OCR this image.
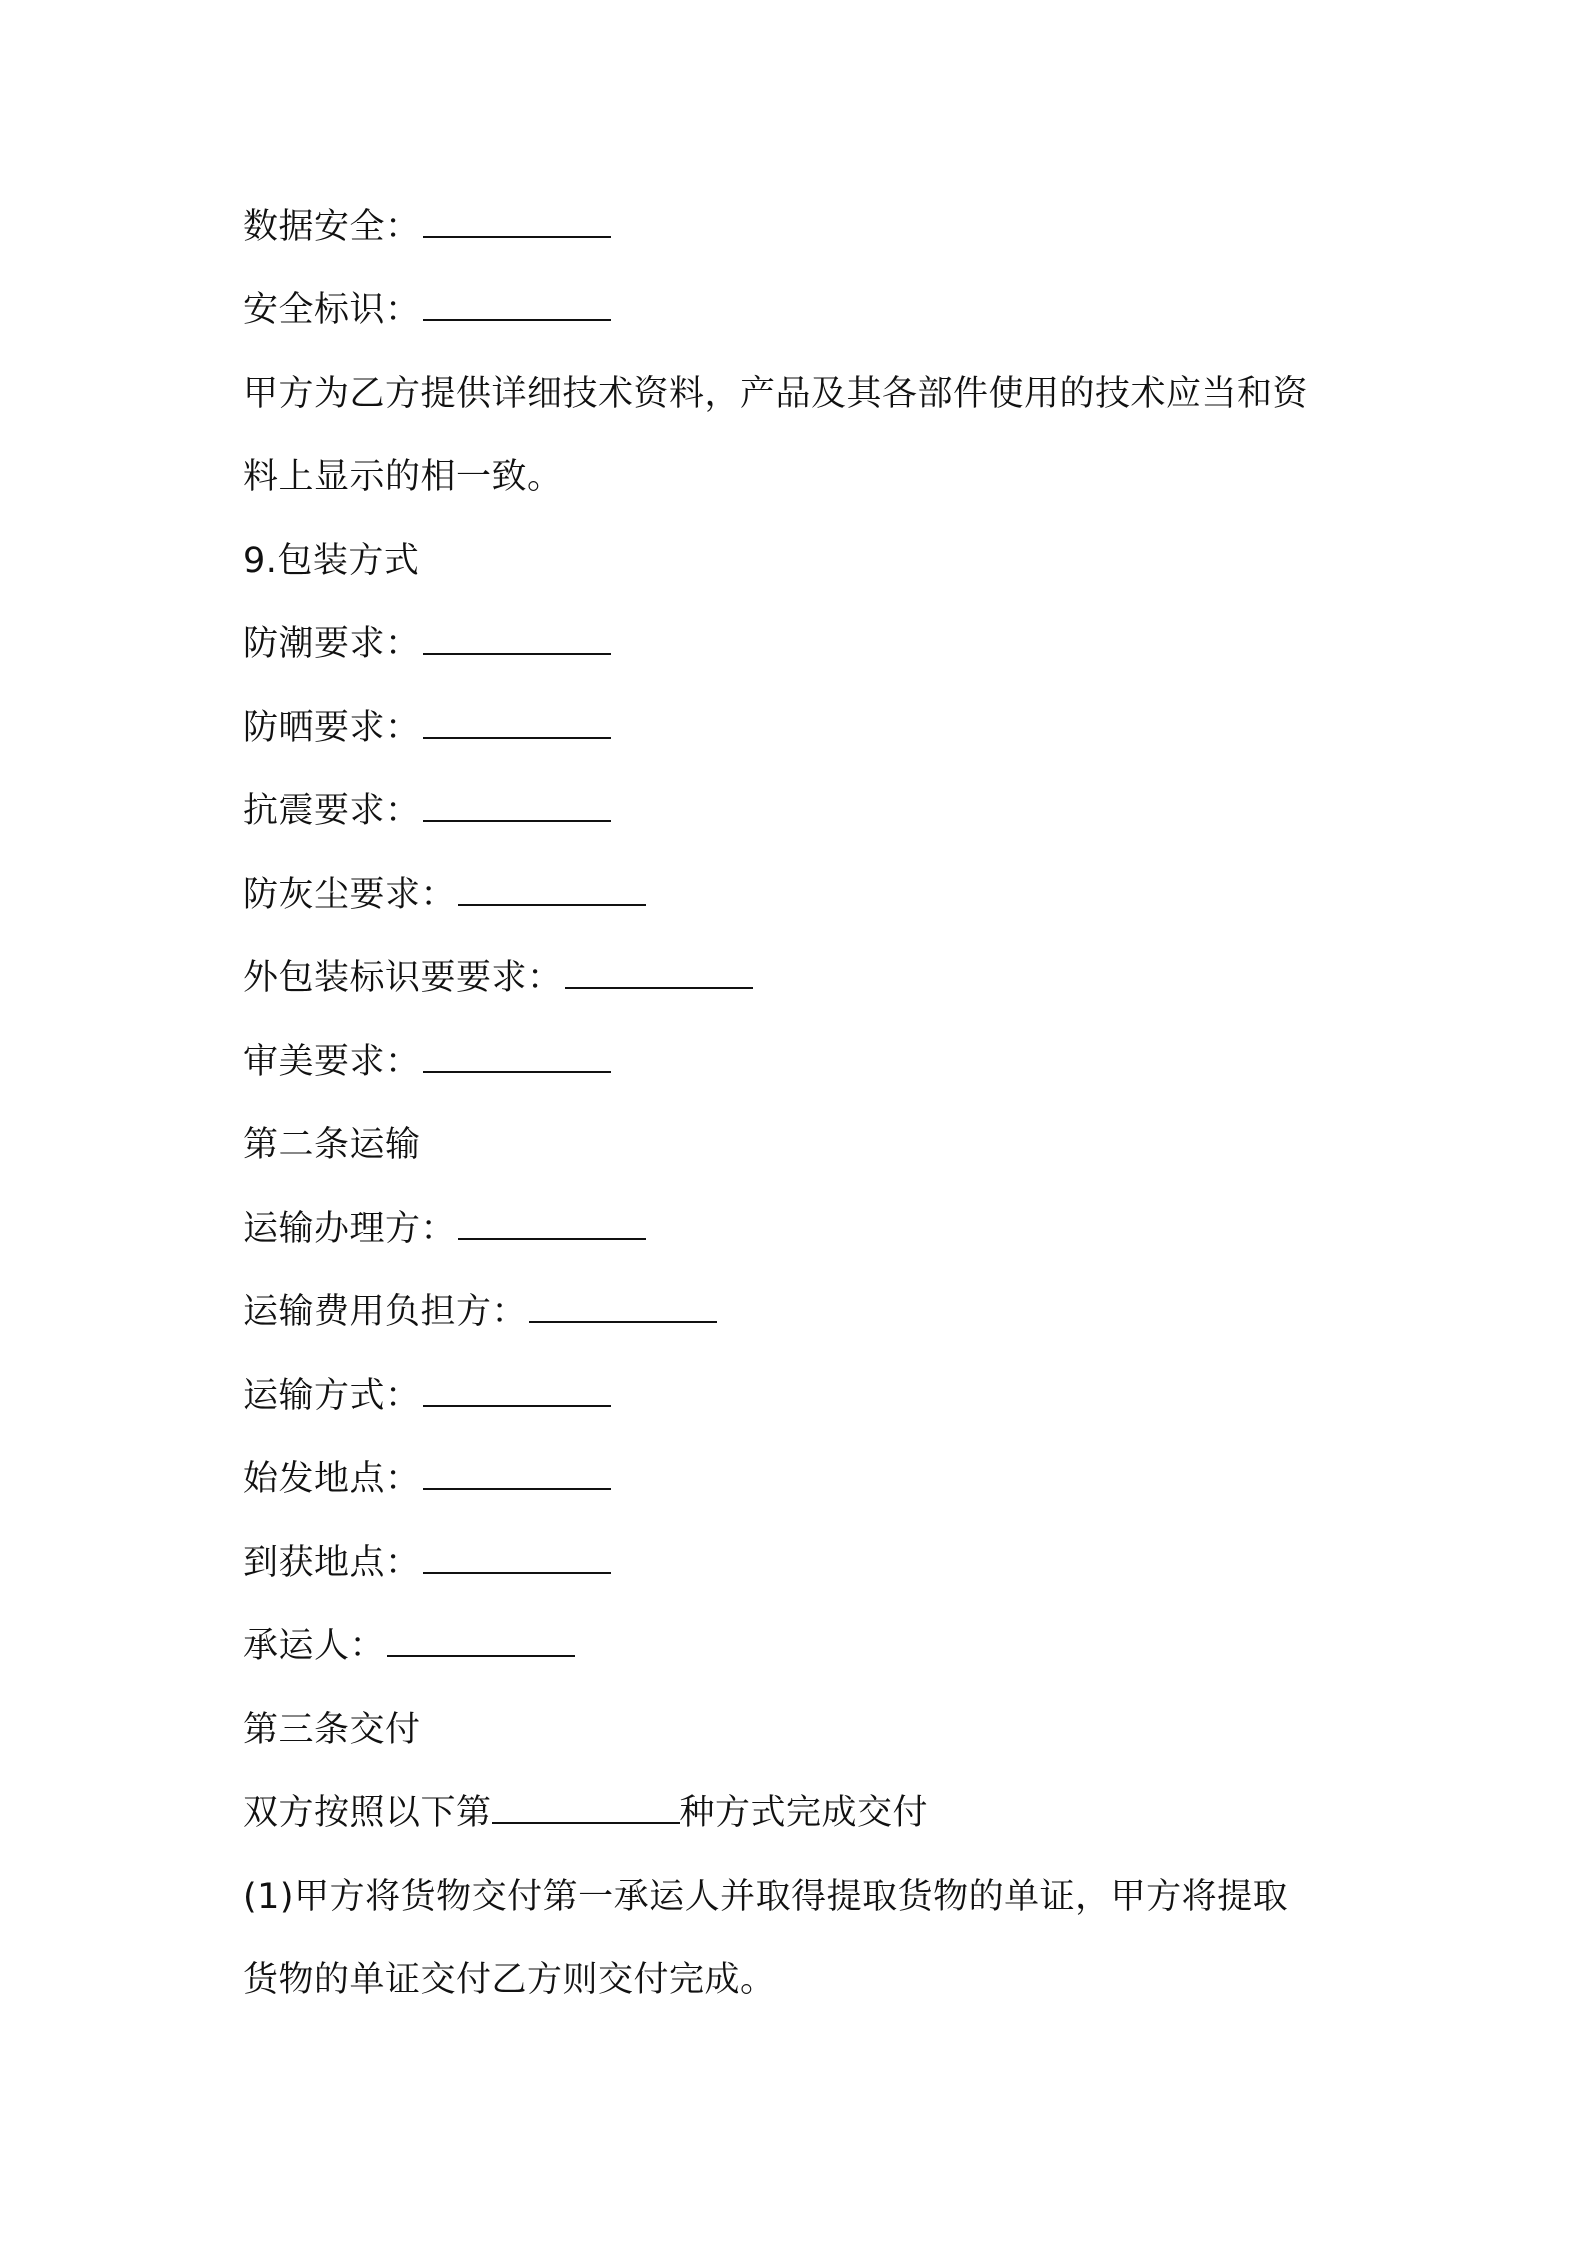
数据安全：
安全标识：
甲方为乙方提供详细技术资料，产品及其各部件使用的技术应当和资
料上显示的相一致。
9.包装方式
防潮要求：
防晒要求：
抗震要求：
防灰尘要求：
外包装标识要要求：
审美要求：
第二条运输
运输办理方：
运输费用负担方：
运输方式：
始发地点：
到获地点：
承运人：
第三条交付
双方按照以下第	种方式完成交付
(1)甲方将货物交付第一承运人并取得提取货物的单证，甲方将提取
货物的单证交付乙方则交付完成。
